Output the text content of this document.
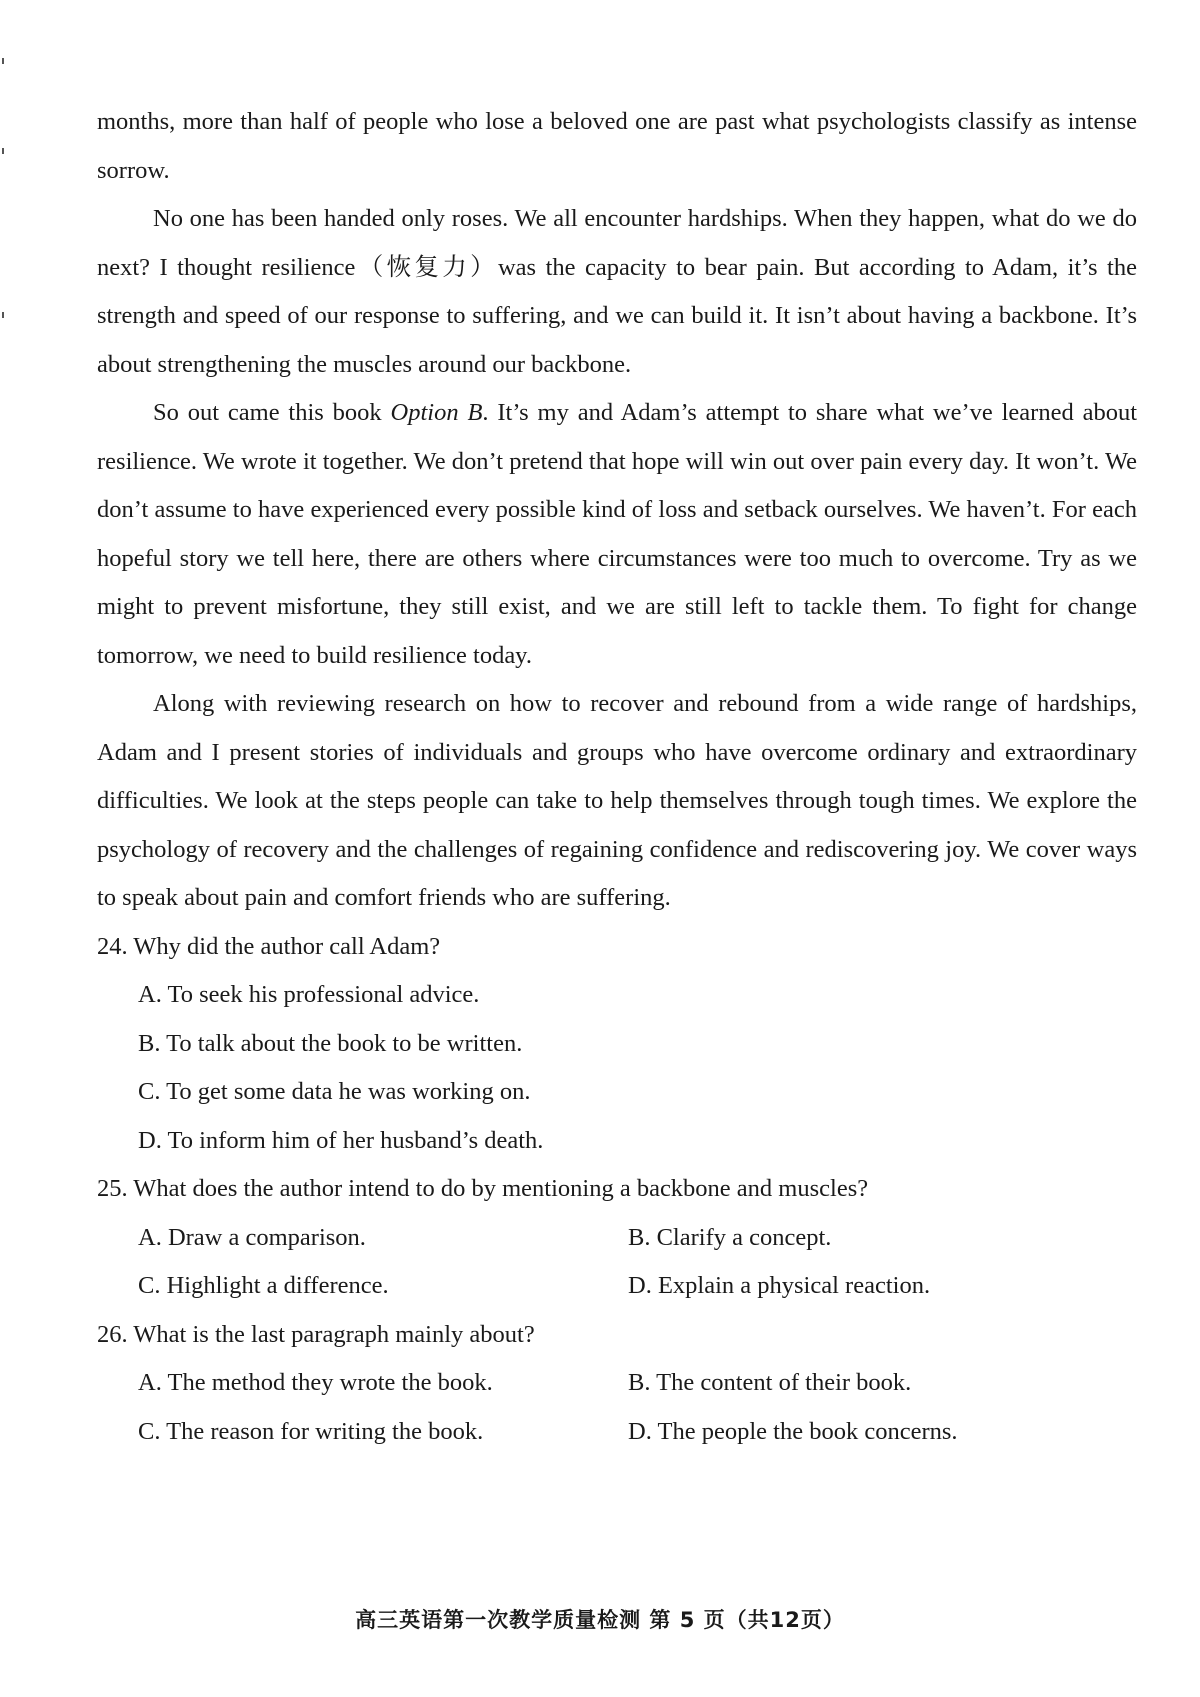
months, more than half of people who lose a beloved one are past what psychologists classify as intense sorrow.

No one has been handed only roses. We all encounter hardships. When they happen, what do we do next? I thought resilience（恢复力）was the capacity to bear pain. But according to Adam, it’s the strength and speed of our response to suffering, and we can build it. It isn’t about having a backbone. It’s about strengthening the muscles around our backbone.

So out came this book Option B. It’s my and Adam’s attempt to share what we’ve learned about resilience. We wrote it together. We don’t pretend that hope will win out over pain every day. It won’t. We don’t assume to have experienced every possible kind of loss and setback ourselves. We haven’t. For each hopeful story we tell here, there are others where circumstances were too much to overcome. Try as we might to prevent misfortune, they still exist, and we are still left to tackle them. To fight for change tomorrow, we need to build resilience today.

Along with reviewing research on how to recover and rebound from a wide range of hardships, Adam and I present stories of individuals and groups who have overcome ordinary and extraordinary difficulties. We look at the steps people can take to help themselves through tough times. We explore the psychology of recovery and the challenges of regaining confidence and rediscovering joy. We cover ways to speak about pain and comfort friends who are suffering.

24. Why did the author call Adam?
A. To seek his professional advice.
B. To talk about the book to be written.
C. To get some data he was working on.
D. To inform him of her husband’s death.
25. What does the author intend to do by mentioning a backbone and muscles?
A. Draw a comparison.	B. Clarify a concept.
C. Highlight a difference.	D. Explain a physical reaction.
26. What is the last paragraph mainly about?
A. The method they wrote the book.	B. The content of their book.
C. The reason for writing the book.	D. The people the book concerns.
高三英语第一次教学质量检测 第 5 页（共12页）
